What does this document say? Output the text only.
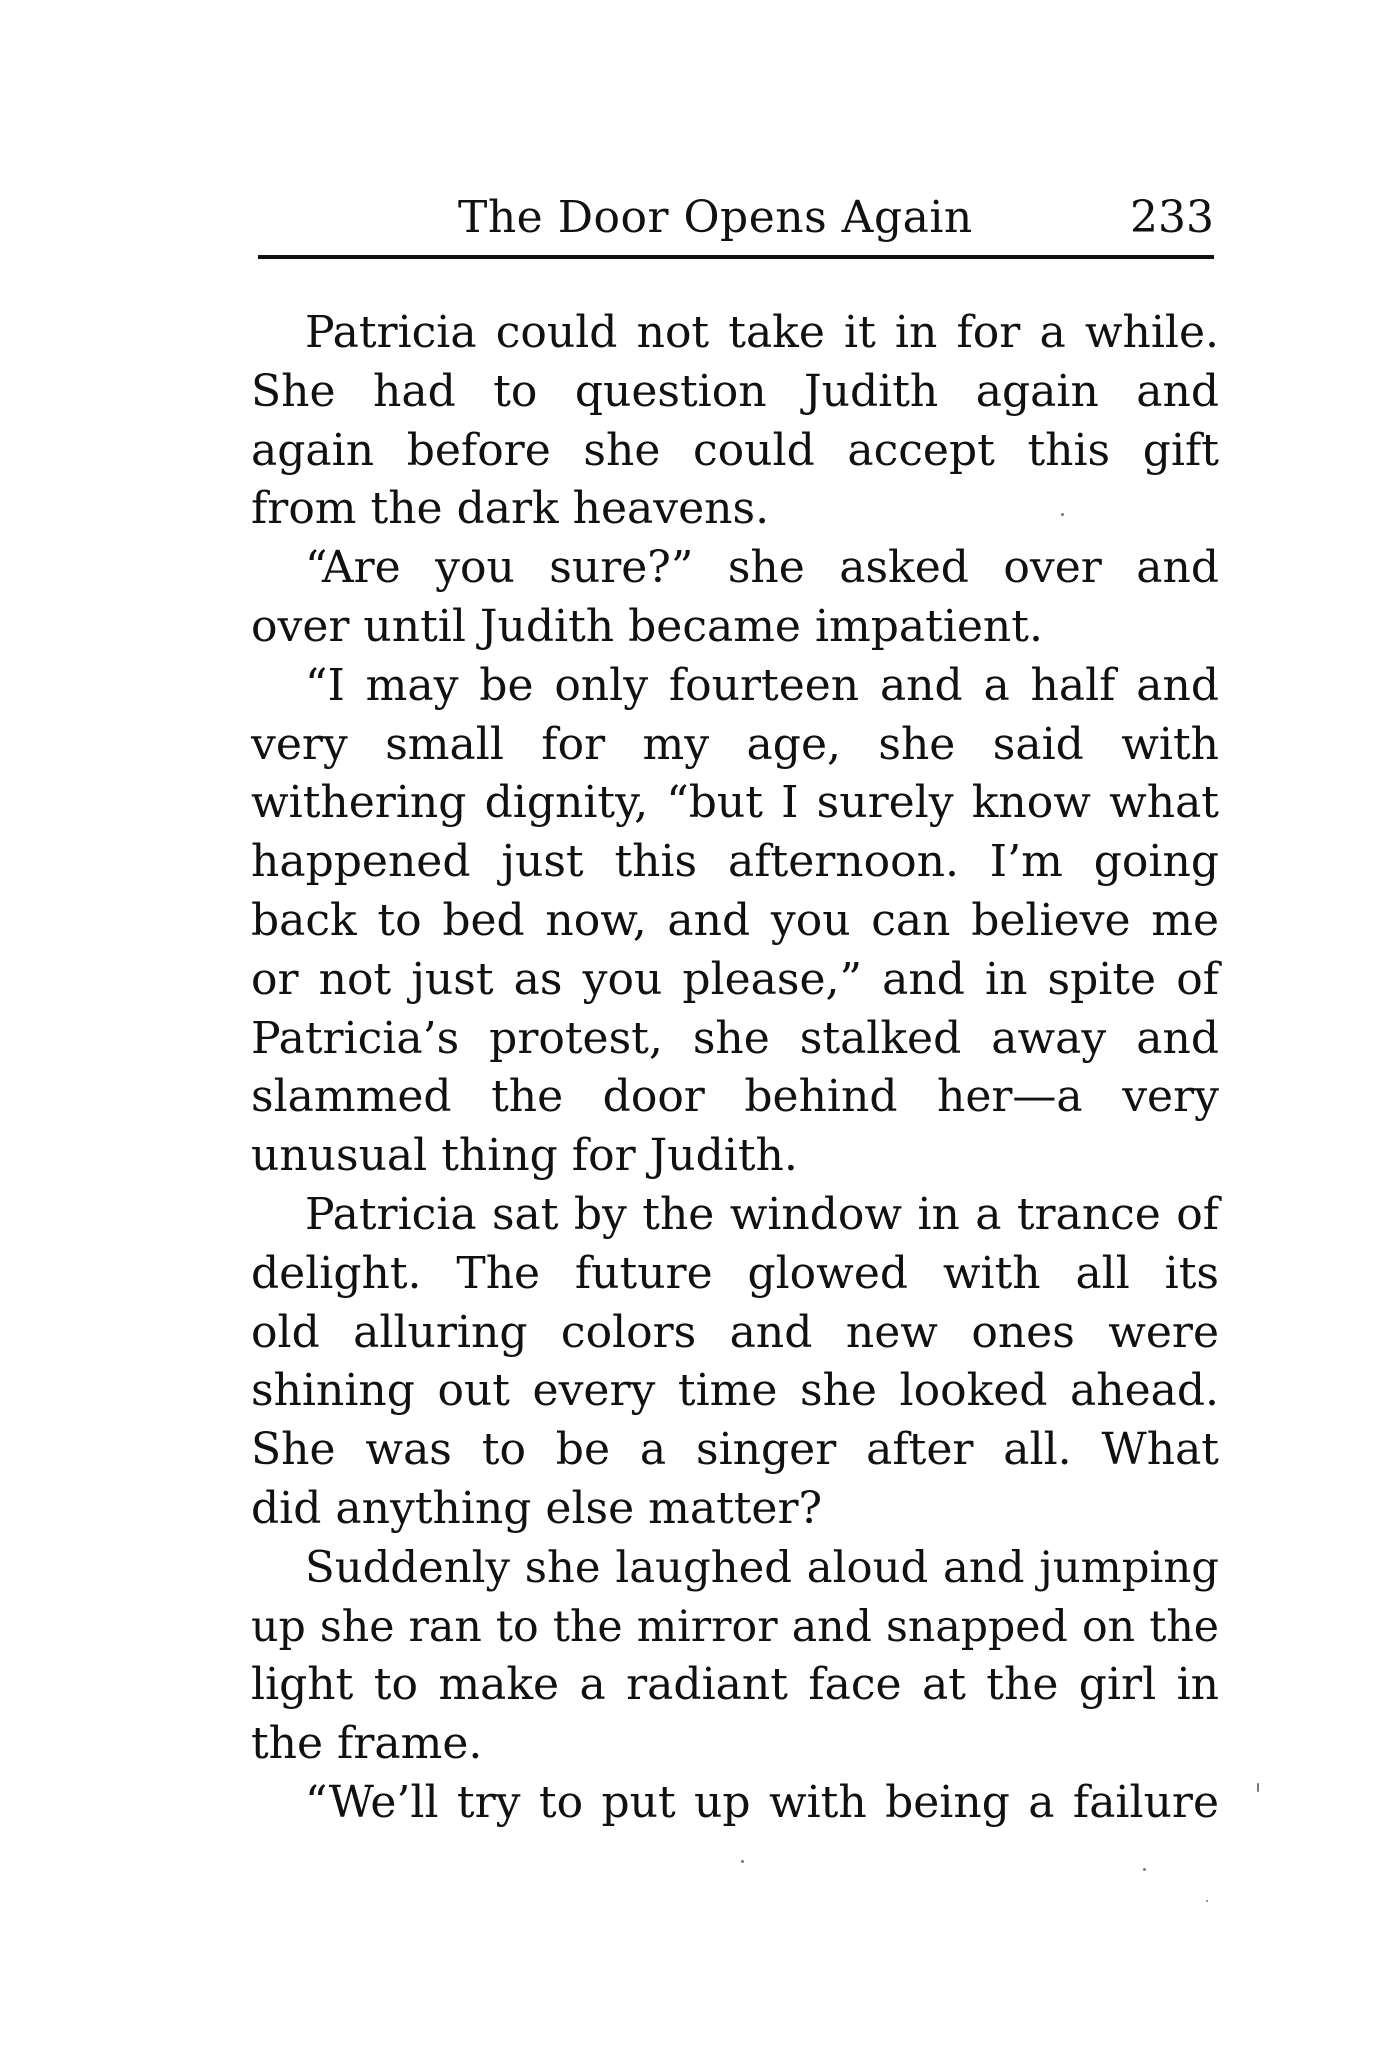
The Door Opens Again	233
Patricia could not take it in for a while.
She had to question Judith again and
again before she could accept this gift
from the dark heavens.
“Are you sure?” she asked over and
over until Judith became impatient.
“I may be only fourteen and a half and
very small for my age, she said with
withering dignity, “but I surely know what
happened just this afternoon. I’m going
back to bed now, and you can believe me
or not just as you please,” and in spite of
Patricia’s protest, she stalked away and
slammed the door behind her—a very
unusual thing for Judith.
Patricia sat by the window in a trance of
delight. The future glowed with all its
old alluring colors and new ones were
shining out every time she looked ahead.
She was to be a singer after all. What
did anything else matter?
Suddenly she laughed aloud and jumping
up she ran to the mirror and snapped on the
light to make a radiant face at the girl in
the frame.
“We’ll try to put up with being a failure
